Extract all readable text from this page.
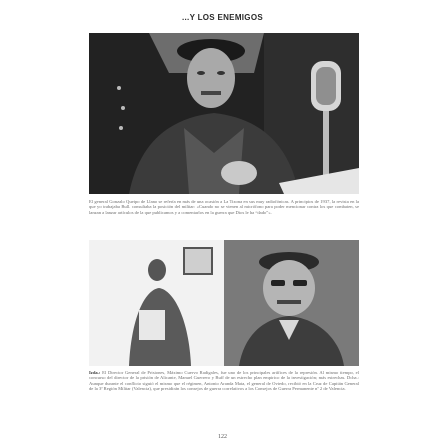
...Y LOS ENEMIGOS
El general Gonzalo Queipo de Llano se refería en más de una ocasión a La Tizona en sus muy radiofónicas. A principios de 1937, la revista en la que yo trabajaba Bull. consultaba la posición del militar: «Cuando no se vienen al micrófono para poder mencionar contra los que combaten, se lanzan a lanzar artículos de la que publicamos y a comentarlos en la guerra que Dios le ha “dado”».
Izda.: El Director General de Prisiones, Máximo Cuervo Radigales, fue uno de los principales artífices de la represión. Al mismo tiempo, el concurso del director de la prisión de Alicante, Manuel Guerrero y Buff de un estrecho plan empirico de la investigación; más estrechas. Dcha.: Aunque durante el conflicto siguió el mismo que el régimen, Antonio Aranda Mata, el general de Oviedo, recibió en la Cruz de Capitán General de la 3ª Región Militar (Valencia), que presidirán los consejos de guerra correlativos a los Consejos de Guerra Permanente nº 2 de Valencia.
122
